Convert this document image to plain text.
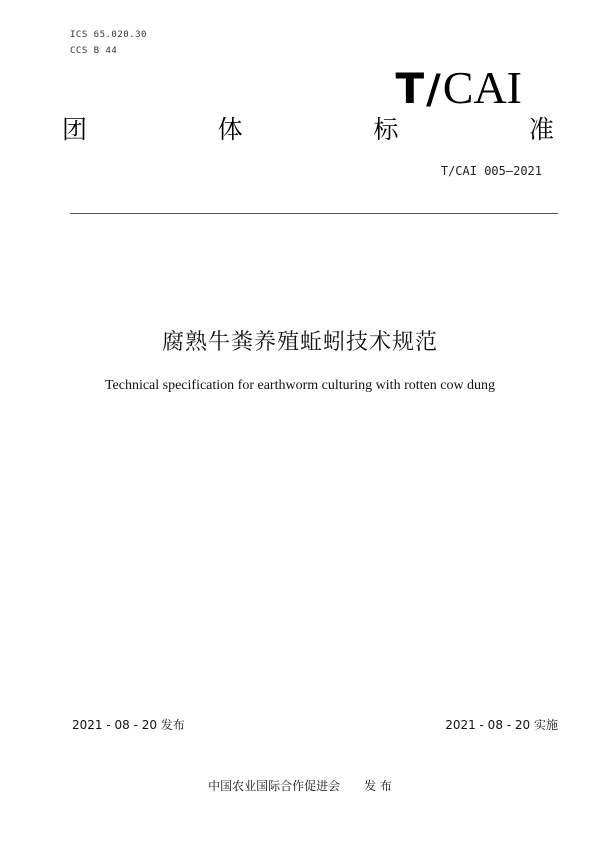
ICS 65.020.30
CCS B 44
T/CAI
团	体	标	准
T/CAI 005—2021
腐熟牛粪养殖蚯蚓技术规范
Technical specification for earthworm culturing with rotten cow dung
2021 - 08 - 20 发布	2021 - 08 - 20 实施
中国农业国际合作促进会 发 布
